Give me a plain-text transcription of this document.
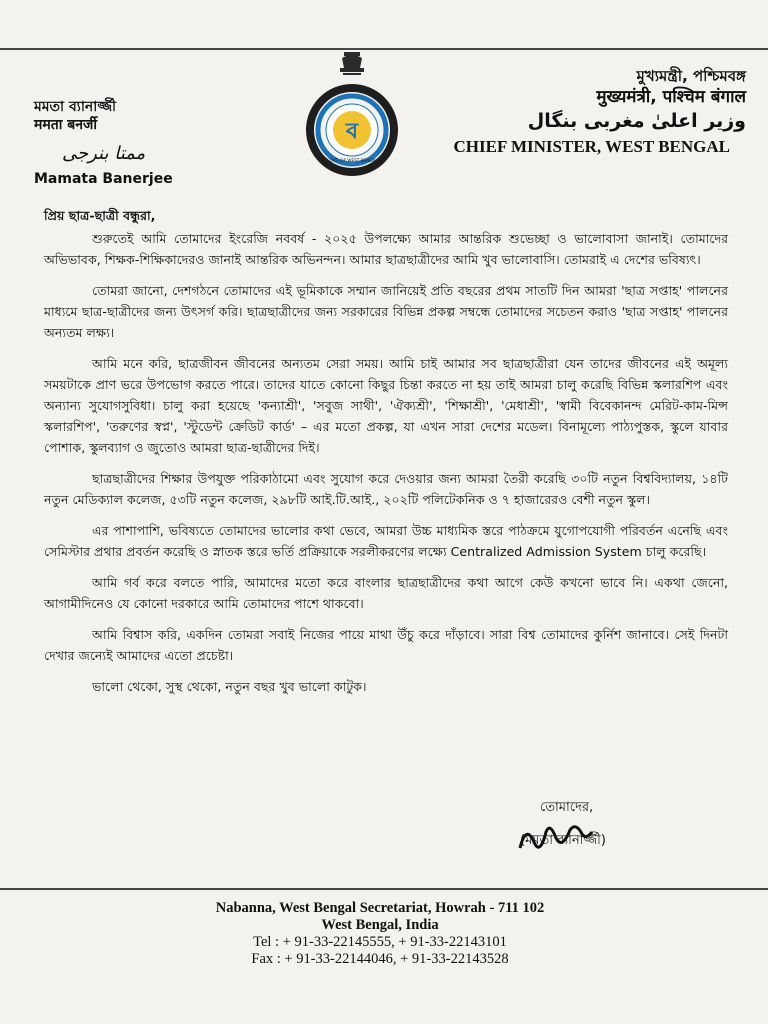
মমতা ব্যানার্জ্জী
ममता बनर्जी
ممتا بنرجی
Mamata Banerjee
ব
GOVT. OF WEST BENGAL
মুখ্যমন্ত্রী, পশ্চিমবঙ্গ
मुख्यमंत्री, पश्चिम बंगाल
وزیر اعلیٰ مغربی بنگال
CHIEF MINISTER, WEST BENGAL
প্রিয় ছাত্র-ছাত্রী বন্ধুরা,

শুরুতেই আমি তোমাদের ইংরেজি নববর্ষ - ২০২৫ উপলক্ষ্যে আমার আন্তরিক শুভেচ্ছা ও ভালোবাসা জানাই। তোমাদের অভিভাবক, শিক্ষক-শিক্ষিকাদেরও জানাই আন্তরিক অভিনন্দন। আমার ছাত্রছাত্রীদের আমি খুব ভালোবাসি। তোমরাই এ দেশের ভবিষ্যৎ।

তোমরা জানো, দেশগঠনে তোমাদের এই ভূমিকাকে সম্মান জানিয়েই প্রতি বছরের প্রথম সাতটি দিন আমরা 'ছাত্র সপ্তাহ' পালনের মাধ্যমে ছাত্র-ছাত্রীদের জন্য উৎসর্গ করি। ছাত্রছাত্রীদের জন্য সরকারের বিভিন্ন প্রকল্প সম্বন্ধে তোমাদের সচেতন করাও 'ছাত্র সপ্তাহ' পালনের অন্যতম লক্ষ্য।

আমি মনে করি, ছাত্রজীবন জীবনের অন্যতম সেরা সময়। আমি চাই আমার সব ছাত্রছাত্রীরা যেন তাদের জীবনের এই অমূল্য সময়টাকে প্রাণ ভরে উপভোগ করতে পারে। তাদের যাতে কোনো কিছুর চিন্তা করতে না হয় তাই আমরা চালু করেছি বিভিন্ন স্কলারশিপ এবং অন্যান্য সুযোগসুবিধা। চালু করা হয়েছে 'কন্যাশ্রী', 'সবুজ সাথী', 'ঐক্যশ্রী', 'শিক্ষাশ্রী', 'মেধাশ্রী', 'স্বামী বিবেকানন্দ মেরিট-কাম-মিন্স স্কলারশিপ', 'তরুণের স্বপ্ন', 'স্টুডেন্ট ক্রেডিট কার্ড' – এর মতো প্রকল্প, যা এখন সারা দেশের মডেল। বিনামূল্যে পাঠ্যপুস্তক, স্কুলে যাবার পোশাক, স্কুলব্যাগ ও জুতোও আমরা ছাত্র-ছাত্রীদের দিই।

ছাত্রছাত্রীদের শিক্ষার উপযুক্ত পরিকাঠামো এবং সুযোগ করে দেওয়ার জন্য আমরা তৈরী করেছি ৩০টি নতুন বিশ্ববিদ্যালয়, ১৪টি নতুন মেডিক্যাল কলেজ, ৫৩টি নতুন কলেজ, ২৯৮টি আই.টি.আই., ২০২টি পলিটেকনিক ও ৭ হাজারেরও বেশী নতুন স্কুল।

এর পাশাপাশি, ভবিষ্যতে তোমাদের ভালোর কথা ভেবে, আমরা উচ্চ মাধ্যমিক স্তরে পাঠক্রমে যুগোপযোগী পরিবর্তন এনেছি এবং সেমিস্টার প্রথার প্রবর্তন করেছি ও স্নাতক স্তরে ভর্তি প্রক্রিয়াকে সরলীকরণের লক্ষ্যে Centralized Admission System চালু করেছি।

আমি গর্ব করে বলতে পারি, আমাদের মতো করে বাংলার ছাত্রছাত্রীদের কথা আগে কেউ কখনো ভাবে নি। একথা জেনো, আগামীদিনেও যে কোনো দরকারে আমি তোমাদের পাশে থাকবো।

আমি বিশ্বাস করি, একদিন তোমরা সবাই নিজের পায়ে মাথা উঁচু করে দাঁড়াবে। সারা বিশ্ব তোমাদের কুর্নিশ জানাবে। সেই দিনটা দেখার জন্যেই আমাদের এতো প্রচেষ্টা।

ভালো থেকো, সুস্থ থেকো, নতুন বছর খুব ভালো কাটুক।

তোমাদের,
(মমতা ব্যানার্জ্জী)
Nabanna, West Bengal Secretariat, Howrah - 711 102
West Bengal, India
Tel : + 91-33-22145555, + 91-33-22143101
Fax : + 91-33-22144046, + 91-33-22143528
